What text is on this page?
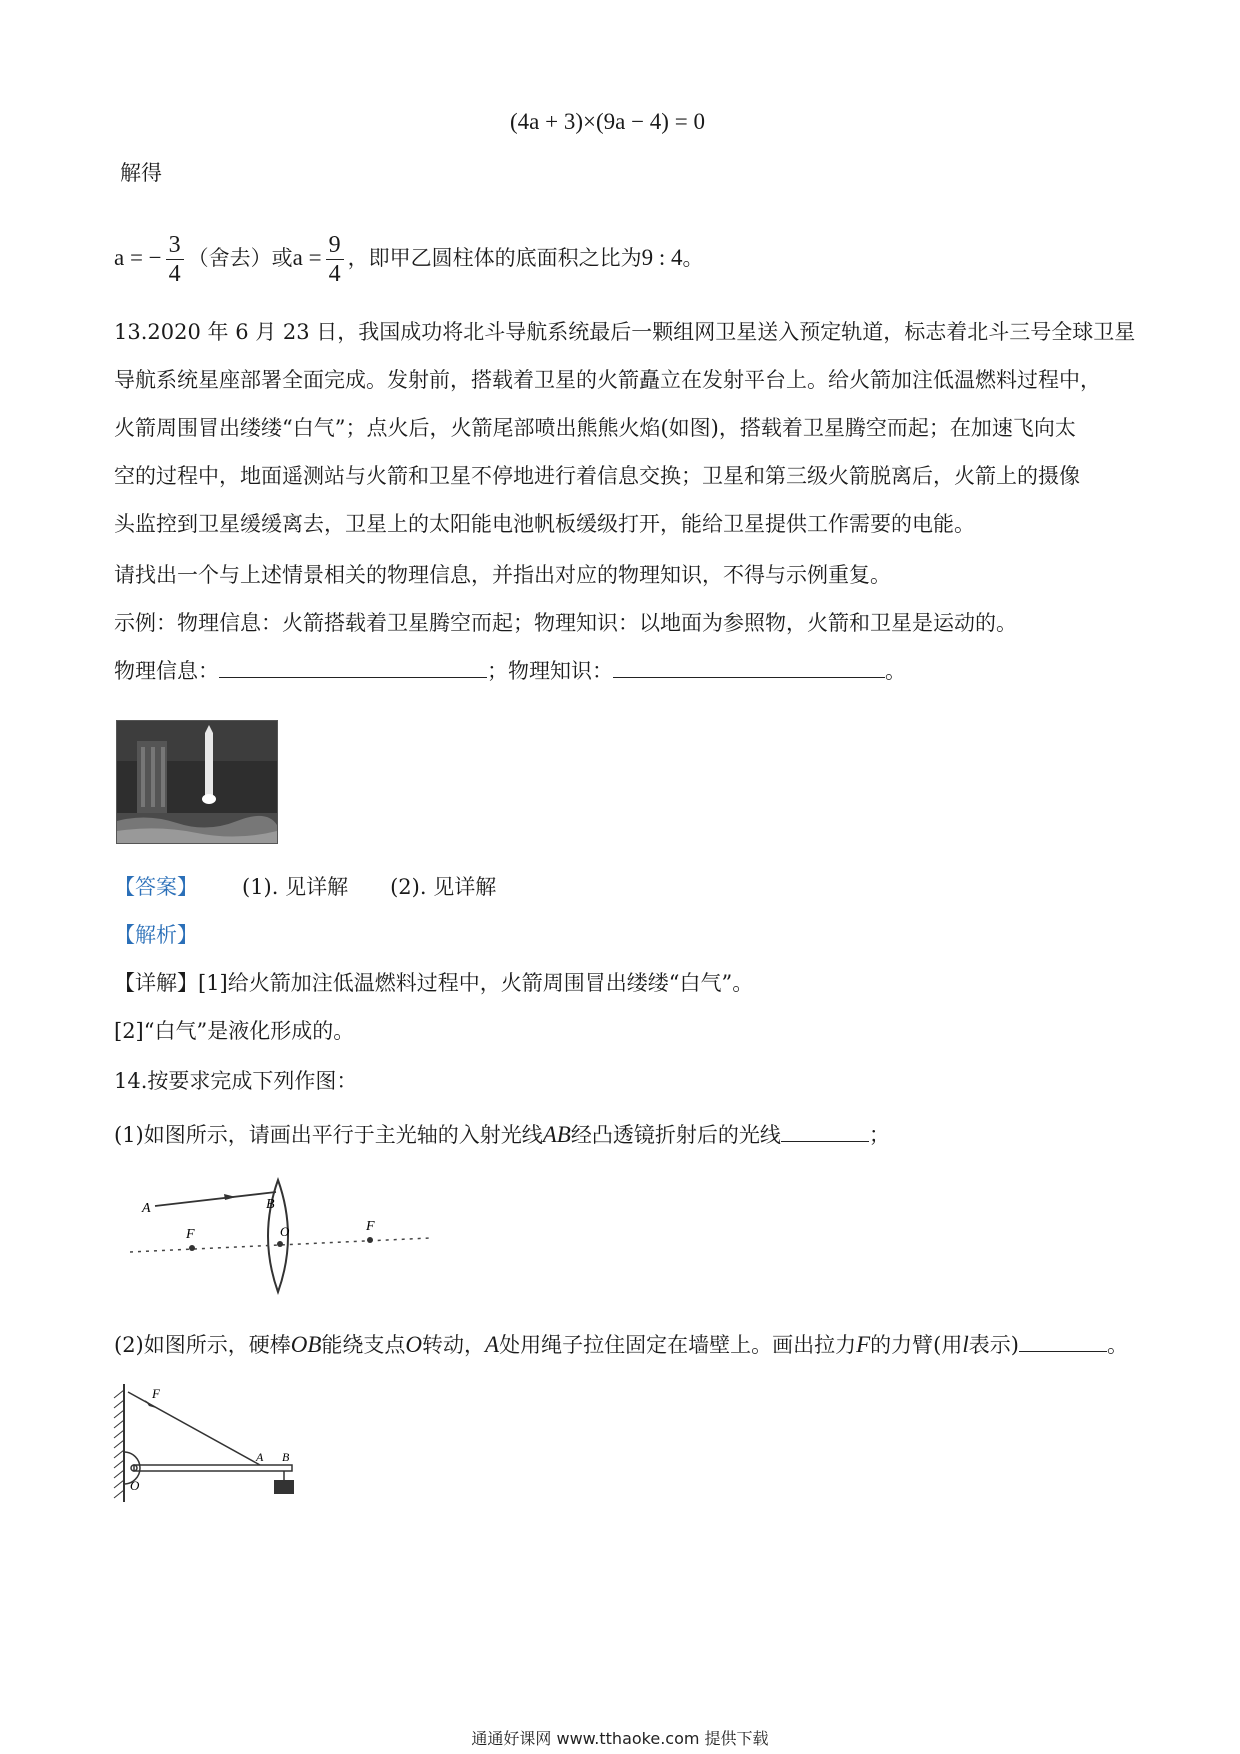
(4a + 3)×(9a − 4) = 0
解得
a = − $\frac{3}{4}$ （舍去）或$a = \frac{9}{4}$ ，即甲乙圆柱体的底面积之比为9 : 4。
13.2020 年 6 月 23 日，我国成功将北斗导航系统最后一颗组网卫星送入预定轨道，标志着北斗三号全球卫星
导航系统星座部署全面完成。发射前，搭载着卫星的火箭矗立在发射平台上。给火箭加注低温燃料过程中，
火箭周围冒出缕缕“白气”；点火后，火箭尾部喷出熊熊火焰(如图)，搭载着卫星腾空而起；在加速飞向太
空的过程中，地面遥测站与火箭和卫星不停地进行着信息交换；卫星和第三级火箭脱离后，火箭上的摄像
头监控到卫星缓缓离去，卫星上的太阳能电池帆板缓级打开，能给卫星提供工作需要的电能。
请找出一个与上述情景相关的物理信息，并指出对应的物理知识，不得与示例重复。
示例：物理信息：火箭搭载着卫星腾空而起；物理知识：以地面为参照物，火箭和卫星是运动的。
物理信息：	；物理知识：	。
【答案】 (1). 见详解 (2). 见详解
【解析】
【详解】[1]给火箭加注低温燃料过程中，火箭周围冒出缕缕“白气”。
[2]“白气”是液化形成的。
14.按要求完成下列作图：
(1)如图所示，请画出平行于主光轴的入射光线AB经凸透镜折射后的光线	；
A	B
F	O	F
(2)如图所示，硬棒OB能绕支点O转动，A处用绳子拉住固定在墙壁上。画出拉力F的力臂(用l表示)	。
F
A B
O
通通好课网 www.tthaoke.com 提供下载
